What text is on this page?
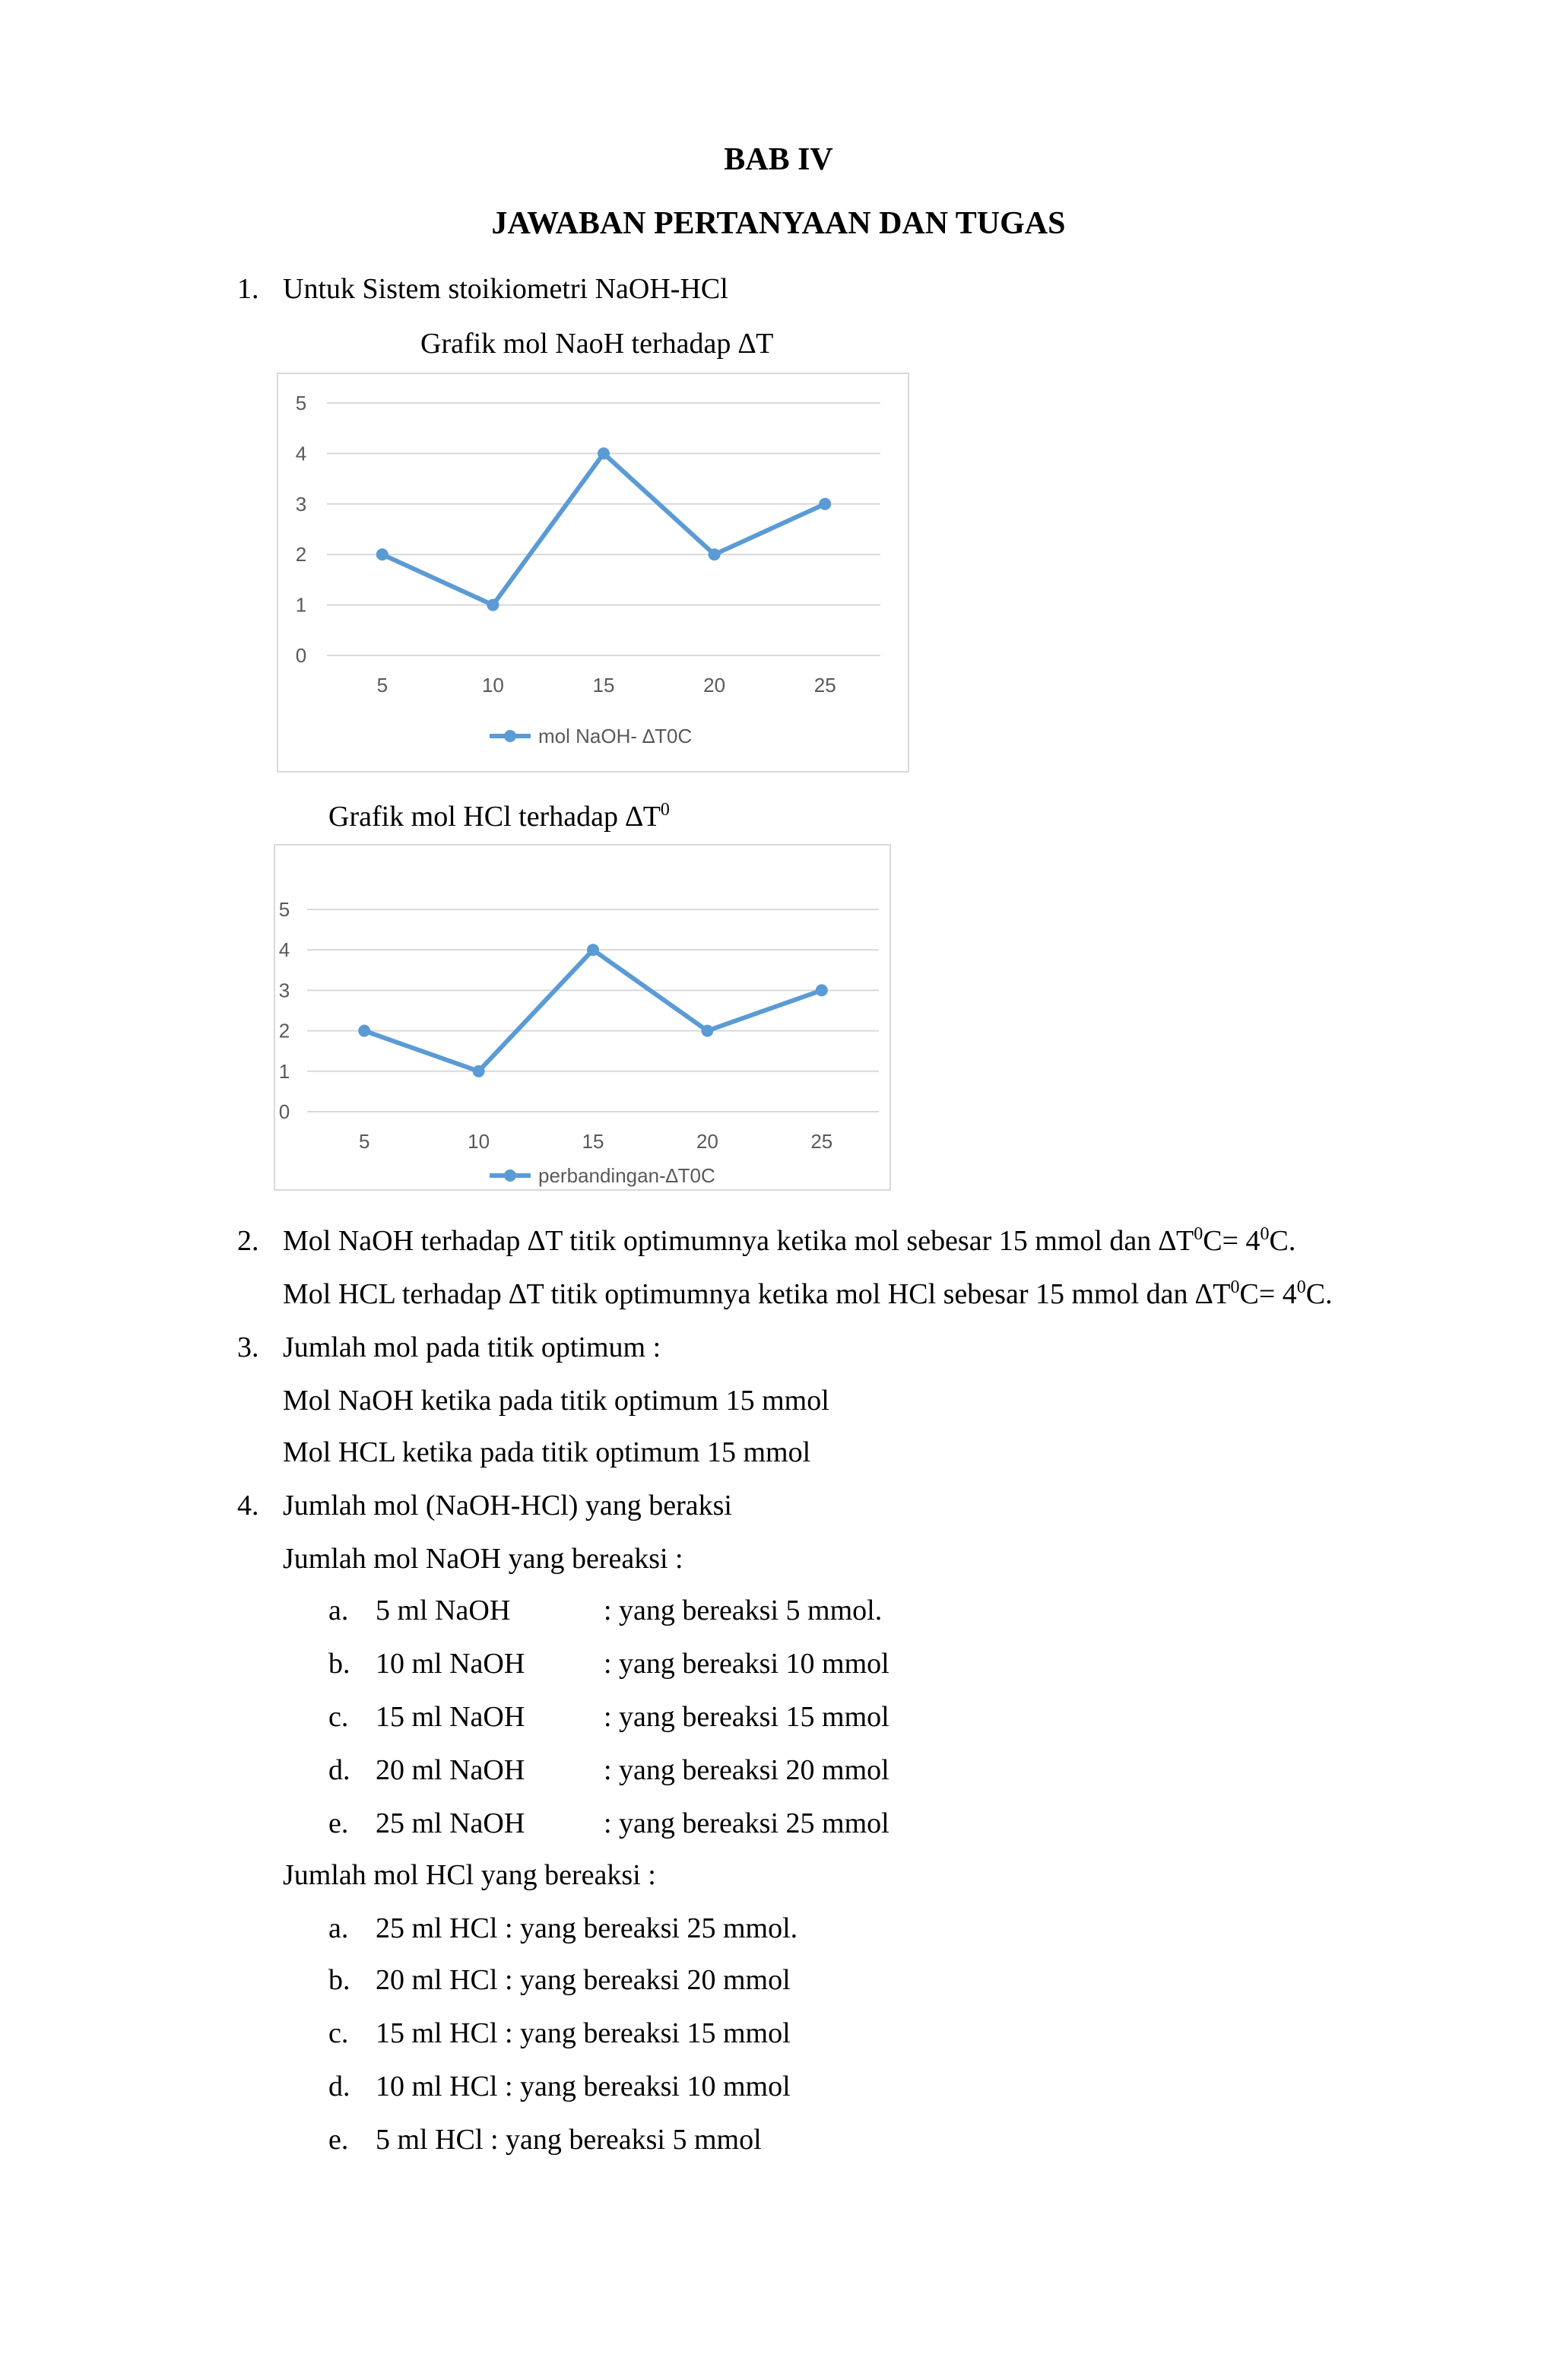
BAB IV
JAWABAN PERTANYAAN DAN TUGAS
1. Untuk Sistem stoikiometri NaOH-HCl
Grafik mol NaoH terhadap ∆T
0
1
2
3
4
5
5	10	15	20	25
mol NaOH- ∆T0C
Grafik mol HCl terhadap $\Delta T^0$
0
1
2
3
4
5
5	10	15	20	25
perbandingan-∆T0C
2. Mol NaOH terhadap ∆T titik optimumnya ketika mol sebesar 15 mmol dan $\Delta T^0C= 4^0C$.
Mol HCL terhadap ∆T titik optimumnya ketika mol HCl sebesar 15 mmol dan $\Delta T^0C= 4^0C$.
3. Jumlah mol pada titik optimum :
Mol NaOH ketika pada titik optimum 15 mmol
Mol HCL ketika pada titik optimum 15 mmol
4. Jumlah mol (NaOH-HCl) yang beraksi
Jumlah mol NaOH yang bereaksi :
a. 5 ml NaOH	: yang bereaksi 5 mmol.
b. 10 ml NaOH	: yang bereaksi 10 mmol
c. 15 ml NaOH	: yang bereaksi 15 mmol
d. 20 ml NaOH	: yang bereaksi 20 mmol
e. 25 ml NaOH	: yang bereaksi 25 mmol
Jumlah mol HCl yang bereaksi :
a. 25 ml HCl : yang bereaksi 25 mmol.
b. 20 ml HCl : yang bereaksi 20 mmol
c. 15 ml HCl : yang bereaksi 15 mmol
d. 10 ml HCl : yang bereaksi 10 mmol
e. 5 ml HCl : yang bereaksi 5 mmol
